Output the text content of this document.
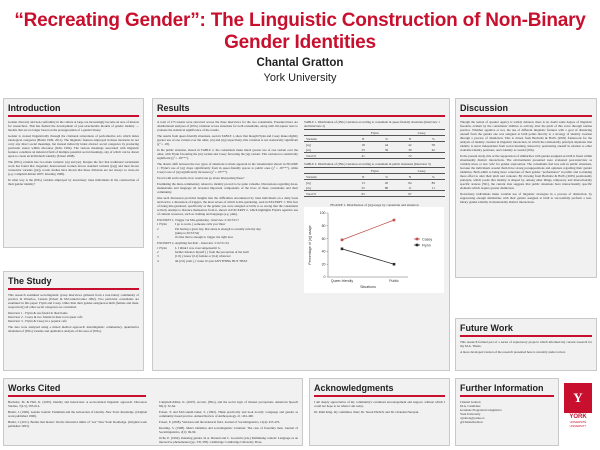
“Recreating Gender”: The Linguistic Construction of Non-Binary Gender Identities
Chantal Gratton
York University
Introduction

Gender diversity and non-conformity in the culture at large are increasingly become an area of interest for researchers. This has fuelled the development of post-structuralist models of gender identity — models that are no longer based on the presupposition of a gender binary.

Gender is created linguistically through the citational reiterations of performative acts which index ideological categories (Butler 1999, 2011). The linguistic features employed in these iterations do not carry any direct social meanings, but instead indirectly index abstract social categories by producing particular stance within discourse (Ochs 1992). The various meanings associated with linguistic features constitute an indexical field of multiple potential social meanings, any of which can be drawn upon to create an individual's identity (Eckert 2008).

The (ING) variable has two main variants: [ıŋ] and [ın]. Despite the fact that traditional variationist work has found that cisgender, heterosexual women favour standard variants ([ıŋ]) and men favour vernacular variants ([ın]), recent studies have shown that these divisions are not always so clear-cut (e.g. Campbell-Kibler 2007; Kiesling 1998).

In what way is the (ING) variable employed by non-binary trans individuals in the construction of their gender identity?

The Study

This research examined sociolinguistic group interviews gathered from a non-binary community of practice in Waterloo, Canada (Eckert & McConnell-Ginet 1992). Two particular consultants are examined in this paper: Flynn and Casey. Other than their gender-assigned-at-birth (female and male, respectively) all other social categories are controlled.

Interview 1 - Flynn & one friend in their home

Interview 2 - Casey & two friends in their local queer café

Interview 3 - Flynn & Casey in a popular café

The data were analyzed using a mixed method approach: metalinguistic commentary, quantitative tabulation of (ING) variants and qualitative analysis of the uses of (ING).

Works Cited

Bucholtz, M. & Hall, K. (2005). Identity and interaction: A sociocultural linguistic approach. Discourse Studies, 7(4-5), 585-614.

Butler, J. (1999). Gender trouble: Feminism and the subversion of identity. New York: Routledge. (Original work published 1990).

Butler, J. (2011). Bodies that matter: On the discursive limits of "sex" New York: Routledge. (Original work published 1993).

Campbell-Kibler, K. (2007). Accent, (ING), and the social logic of listener perceptions. American Speech 82(1): 32-64.

Eckert, P. and McConnell-Ginet, S. (1992). Think practically and look locally: Language and gender as community-based practice. Annual Review of Anthropology, 21: 461-490.

Eckert, P. (2008). Variation and the indexical field. Journal of Sociolinguistics, 12(4): 453-476.

Kiesling, S. (1998). Men's identities and sociolinguistic variation: The case of fraternity men. Journal of Sociolinguistics, 2(1): 69-99.

Ochs, E. (1992). Indexing gender. In A. Duranti and C. Goodwin (eds.) Rethinking context: Language as an interactive phenomenon (pp. 335-358). Cambridge: Cambridge University Press.

Results

A total of 275 tokens were extracted across the three interviews for the two consultants. Presented here are distributional analyses of (ING) variation across situations for both consultants, along with chi-square tests to evaluate the statistical significance of the results.

The results from queer-friendly situations, seen in TABLE 1, show that though Flynn and Casey make slightly greater use of one variant over the other, [ın] and [ıŋ] respectively, this variation is not statistically significant (χ² = .18).

In the public situation, shown in TABLE 2, the consultants make much greater use of one variant over the other, with Flynn favouring the [ın] variant and Casey favouring the [ıŋ] variant. This variation is statistically significant (χ² = .05***).

The drastic shift between the two types of situations is made apparent in the visualization shown in FIGURE 1: Flynn's use of [ıŋ] drops significantly from in queer-friendly spaces to public ones (χ² = .05***), while Casey's use of [ıŋ] significantly increases (χ² = .05***).

Faced with such results, how would one go about interpreting these?

Examining the meta-commentary related to identity proved to be quite valuable. Discussions regarding dress, mannerisms and language all revealed important components of the lives of these consultants and their community.

One such discussion provided insights into the difficulties encountered by trans individuals on a daily basis and lead to a discussion of triggers, the most severe of which is mis-gendering, seen in EXCERPT 1. This fear of being mis-gendered, specifically as the gender you were assigned at birth, is so strong that the consultants actively attempt to distance themselves from it, shown in EXCERPT 2, which highlights Flynn's agentive use of cultural resources, such as clothing and language (e.g. pink).

EXCERPT 1, Trigger via Mis-gendering - Interview 2: 00:33:17
1 Flynn	I go to work. ( someone calls you 'miss'
2	I'm having a great day, that alone is enough to actually ruin my day.
[jump to 00:33:54]
3	it's like that is enough to trigger me right now
EXCERPT 2, Anything but that! - Interview 3: 02:51:34
1 Flynn	I- I think I was overcompensatin' b-
2	further distance myself ( ) from the perception of me bein'
3	(1:0) y know (0.2) female or (0.4) whatever
4	uh (2.0) yeah ( ) 'cause it's just ANYTHING BUT THAT
TABLE 1. Distribution of (ING) variation according to consultant in queer-friendly situations (Interview 1 and Interview 2)
	Flynn		Casey	
Variants	N	%	N	%
[ıŋ]	18	44	42	58
[ın]	23	56	30	42
Total N	41		72	
TABLE 2. Distribution of (ING) variation according to consultant in public situations (Interview 3)
	Flynn		Casey	
Variants	N	%	N	%
[ıŋ]	13	20	84	89
[ın]	52	80	11	11
Total N	65		97	
FIGURE 1. Distribution of [ıŋ] usage by consultant and situation
0
20
40
60
80
100
Queer-friendly	Public
Situations
Percentage of [ıŋ] usage	Casey
Flynn
Discussion

Though the notion of speaker agency is widely debated, there is no doubt some degree of linguistic freedom, evident by the consultants' abilities to actively alter the pitch of this voice through routine practice. Whether agentive or not, the use of different linguistic features with a goal of distancing oneself from the gender one was assigned at birth points directly to a strategy of identity creation through a process of distinction. This is drawn from Bucholtz & Hall's (2005) framework for the analysis of identity creation in linguistic interaction, in which the relationality principle stipulates that identity is never independent from social meaning, instead by positioning oneself in relation to other available identity positions, one's identity is created (506).

In the present study, this active suppression of similarities with gender-assigned-at-birth is fused within situationally distinct interactions. The environments presented were evaluated post-interview as variably more or less 'safe' for gender exploration. The consultants feel less safe in public situations, because the individuals around them have strong presuppositions and opinions regarding their gender identities. Both admit to being more conscious of their gender "performance" in public and to making more effort to alter their pitch and contours. By drawing from Bucholtz & Hall's (2005) positionality principle, which posits that identity is shaped by, among other things, temporary and interactionally specific stances (591), the current data suggests that public situations have interactionally specific elements which require greater distinction.

Non-binary individuals make variable use of linguistic strategies in a process of distinction, by suppressing enough similarities with their gender assigned at birth to successfully perform a non-binary gender identity in situationally distinct interactions.

Future Work

This research formed part of a series of exploratory projects which informed my current research for my M.A. Thesis.

A more developed version of the research presented here is currently under review.

Acknowledgments

I am deeply appreciative of my community's continued encouragement and support, without which I could not hope to be where I am today.

Dr. Ruth King, my committee chair; Dr. Susan Ehrlich; and Dr. Chandan Narayan.

Further Information

Chantal Gratton

M.A. Candidate

Graduate Program in Linguistics

York University

cgratton@yorku.ca

@ChantalGratton

Y
YORK
UNIVERSITÉ UNIVERSITY
